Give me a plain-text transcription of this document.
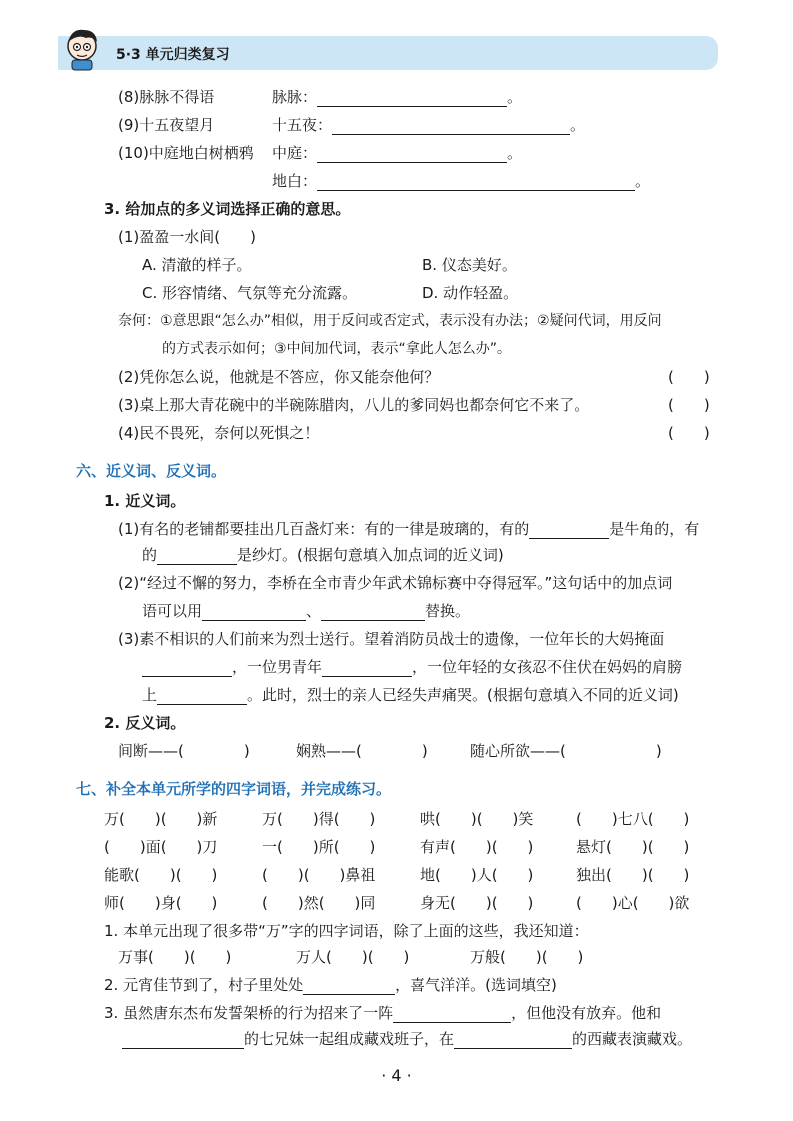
5·3 单元归类复习
(8)脉脉不得语	脉脉：	。
(9)十五夜望月	十五夜：	。
(10)中庭地白树栖鸦 中庭：	。
地白：	。
3. 给加点的多义词选择正确的意思。
(1)盈盈一水间(　　)
A. 清澈的样子。	B. 仪态美好。
C. 形容情绪、气氛等充分流露。	D. 动作轻盈。
奈何：①意思跟“怎么办”相似，用于反问或否定式，表示没有办法；②疑问代词，用反问
的方式表示如何；③中间加代词，表示“拿此人怎么办”。
(2)凭你怎么说，他就是不答应，你又能奈他何？	(　　)
(3)桌上那大青花碗中的半碗陈腊肉，八儿的爹同妈也都奈何它不来了。	(　　)
(4)民不畏死，奈何以死惧之！	(　　)
六、近义词、反义词。
1. 近义词。
(1)有名的老铺都要挂出几百盏灯来：有的一律是玻璃的，有的	是牛角的，有
的	是纱灯。(根据句意填入加点词的近义词)
(2)“经过不懈的努力，李桥在全市青少年武术锦标赛中夺得冠军。”这句话中的加点词
语可以用	、	替换。
(3)素不相识的人们前来为烈士送行。望着消防员战士的遗像，一位年长的大妈掩面
，一位男青年	，一位年轻的女孩忍不住伏在妈妈的肩膀
上	。此时，烈士的亲人已经失声痛哭。(根据句意填入不同的近义词)
2. 反义词。
间断——(　　　　)	娴熟——(　　　　)	随心所欲——(　　　　　　)
七、补全本单元所学的四字词语，并完成练习。
万(　　)(　　)新	万(　　)得(　　)	哄(　　)(　　)笑	(　　)七八(　　)
(　　)面(　　)刀	一(　　)所(　　)	有声(　　)(　　)	悬灯(　　)(　　)
能歌(　　)(　　)	(　　)(　　)鼻祖	地(　　)人(　　)	独出(　　)(　　)
师(　　)身(　　)	(　　)然(　　)同	身无(　　)(　　)	(　　)心(　　)欲
1. 本单元出现了很多带“万”字的四字词语，除了上面的这些，我还知道：
万事(　　)(　　)	万人(　　)(　　)	万般(　　)(　　)
2. 元宵佳节到了，村子里处处	，喜气洋洋。(选词填空)
3. 虽然唐东杰布发誓架桥的行为招来了一阵	，但他没有放弃。他和
的七兄妹一起组成藏戏班子，在	的西藏表演藏戏。
· 4 ·
